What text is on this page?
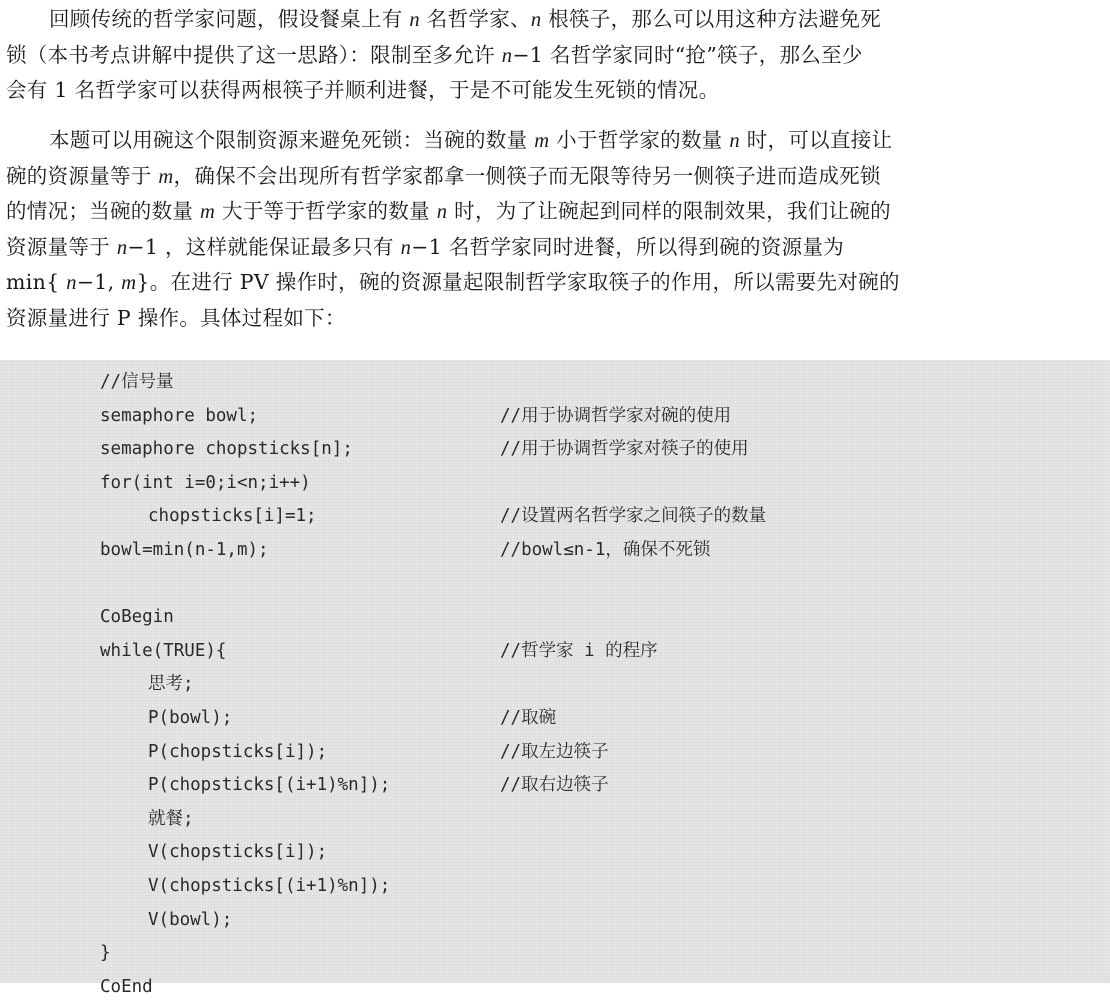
回顾传统的哲学家问题，假设餐桌上有 n 名哲学家、n 根筷子，那么可以用这种方法避免死
锁（本书考点讲解中提供了这一思路）：限制至多允许 n−1 名哲学家同时“抢”筷子，那么至少
会有 1 名哲学家可以获得两根筷子并顺利进餐，于是不可能发生死锁的情况。

本题可以用碗这个限制资源来避免死锁：当碗的数量 m 小于哲学家的数量 n 时，可以直接让
碗的资源量等于 m，确保不会出现所有哲学家都拿一侧筷子而无限等待另一侧筷子进而造成死锁
的情况；当碗的数量 m 大于等于哲学家的数量 n 时，为了让碗起到同样的限制效果，我们让碗的
资源量等于 n−1 ，这样就能保证最多只有 n−1 名哲学家同时进餐，所以得到碗的资源量为
min{ n−1, m}。在进行 PV 操作时，碗的资源量起限制哲学家取筷子的作用，所以需要先对碗的
资源量进行 P 操作。具体过程如下：

//信号量
semaphore bowl;	//用于协调哲学家对碗的使用
semaphore chopsticks[n];	//用于协调哲学家对筷子的使用
for(int i=0;i<n;i++)
chopsticks[i]=1;	//设置两名哲学家之间筷子的数量
bowl=min(n-1,m);	//bowl≤n-1，确保不死锁
CoBegin
while(TRUE){	//哲学家 i 的程序
思考;
P(bowl);	//取碗
P(chopsticks[i]);	//取左边筷子
P(chopsticks[(i+1)%n]);	//取右边筷子
就餐;
V(chopsticks[i]);
V(chopsticks[(i+1)%n]);
V(bowl);
}
CoEnd
